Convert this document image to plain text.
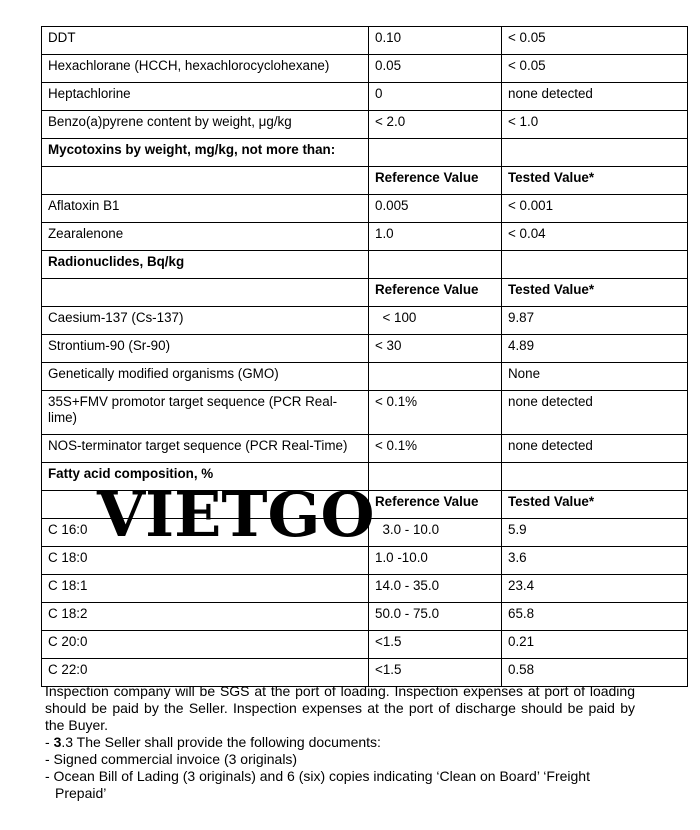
DDT	0.10	< 0.05
Hexachlorane (HCCH, hexachlorocyclohexane)	0.05	< 0.05
Heptachlorine	0	none detected
Benzo(a)pyrene content by weight, μg/kg	< 2.0	< 1.0
Mycotoxins by weight, mg/kg, not more than:		
	Reference Value	Tested Value*
Aflatoxin B1	0.005	< 0.001
Zearalenone	1.0	< 0.04
Radionuclides, Bq/kg		
	Reference Value	Tested Value*
Caesium-137 (Cs-137)	< 100	9.87
Strontium-90 (Sr-90)	< 30	4.89
Genetically modified organisms (GMO)		None
35S+FMV promotor target sequence (PCR Real-lime)	< 0.1%	none detected
NOS-terminator target sequence (PCR Real-Time)	< 0.1%	none detected
Fatty acid composition, %		
	Reference Value	Tested Value*
C 16:0	3.0 - 10.0	5.9
C 18:0	1.0 -10.0	3.6
C 18:1	14.0 - 35.0	23.4
C 18:2	50.0 - 75.0	65.8
C 20:0	<1.5	0.21
C 22:0	<1.5	0.58
VIETGO

Inspection company will be SGS at the port of loading. Inspection expenses at port of loading should be paid by the Seller. Inspection expenses at the port of discharge should be paid by the Buyer.

- 3.3 The Seller shall provide the following documents:
- Signed commercial invoice (3 originals)
- Ocean Bill of Lading (3 originals) and 6 (six) copies indicating ‘Clean on Board’ ‘Freight
Prepaid’
